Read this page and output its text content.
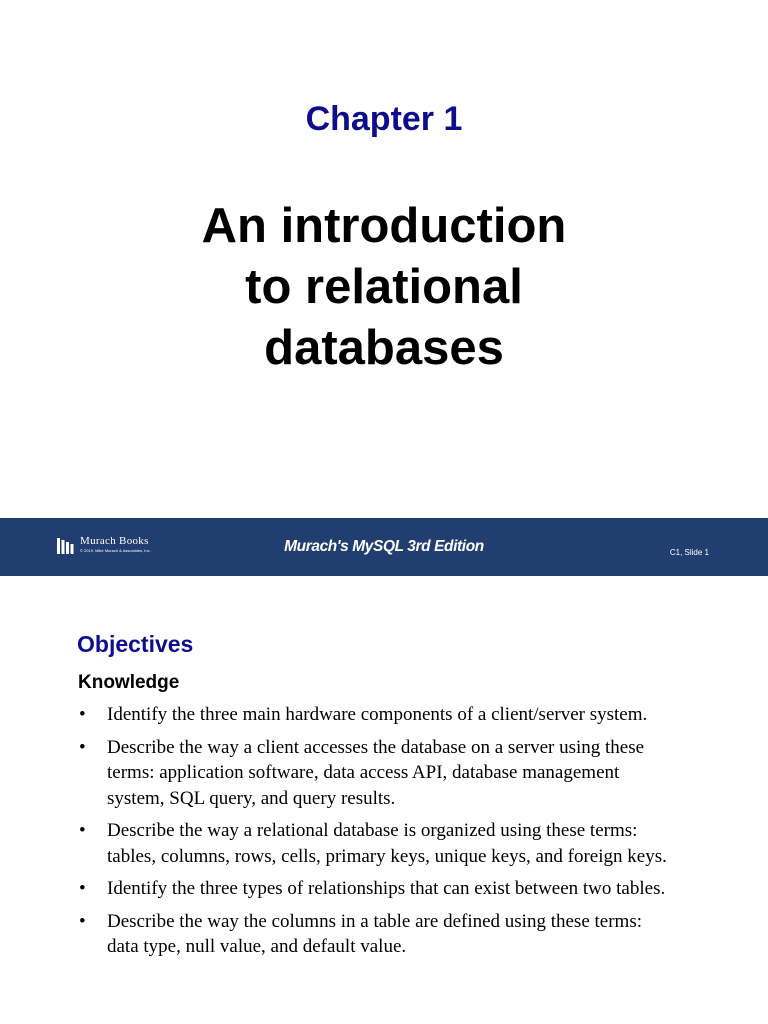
Chapter 1
An introduction
to relational
databases
Murach Books
© 2019, Mike Murach & Associates, Inc.	Murach's MySQL 3rd Edition	C1, Slide 1
Objectives
Knowledge
• Identify the three main hardware components of a client/server system.
• Describe the way a client accesses the database on a server using these terms: application software, data access API, database management system, SQL query, and query results.
• Describe the way a relational database is organized using these terms: tables, columns, rows, cells, primary keys, unique keys, and foreign keys.
• Identify the three types of relationships that can exist between two tables.
• Describe the way the columns in a table are defined using these terms: data type, null value, and default value.
